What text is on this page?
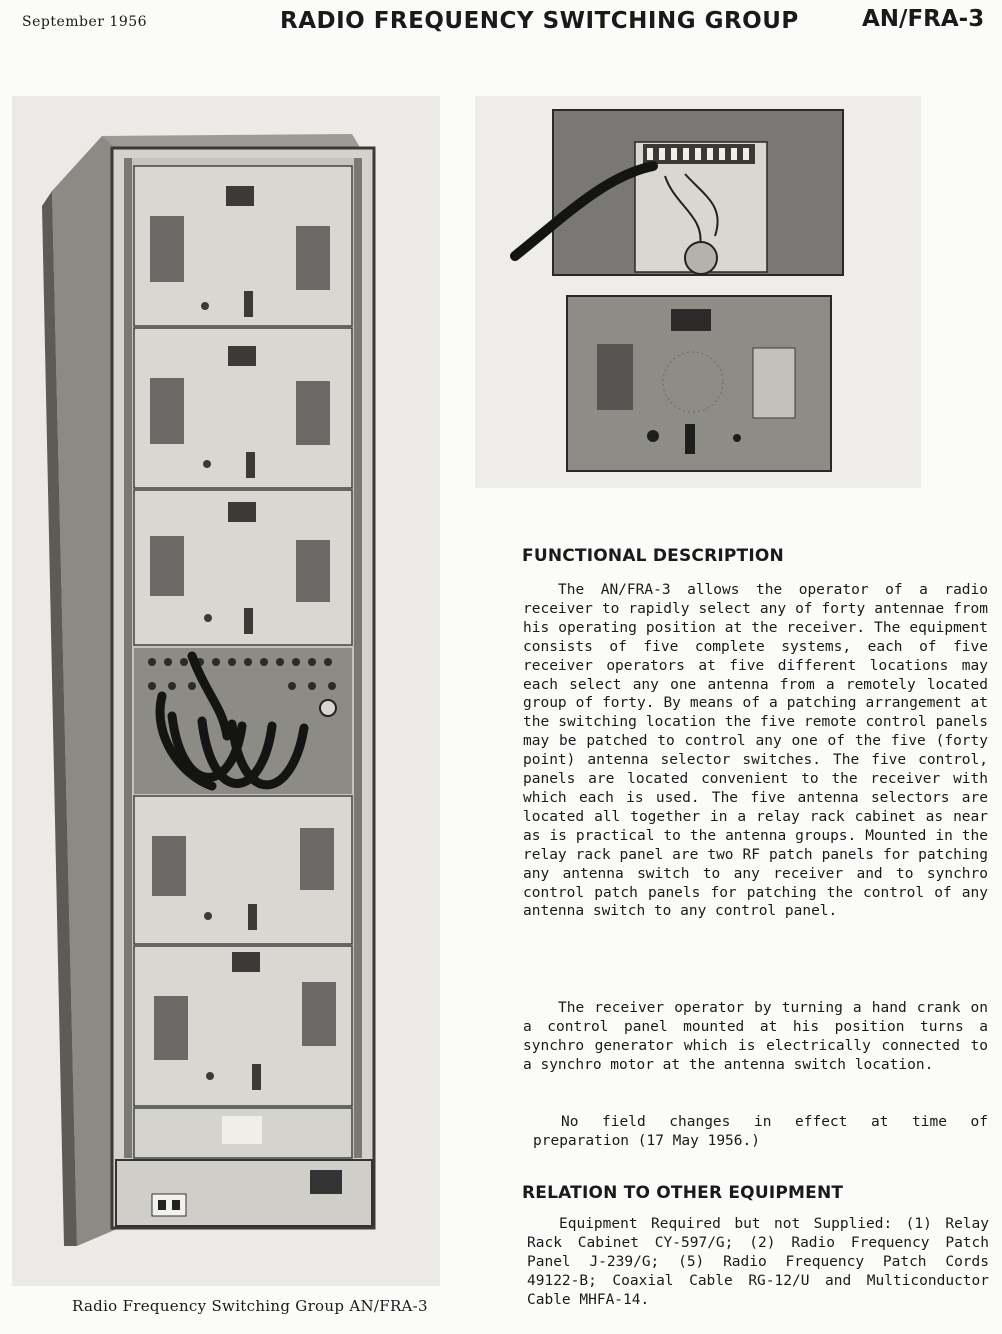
September 1956	RADIO FREQUENCY SWITCHING GROUP	AN/FRA-3
Radio Frequency Switching Group AN/FRA-3
FUNCTIONAL DESCRIPTION

The AN/FRA-3 allows the operator of a radio receiver to rapidly select any of forty antennae from his operating position at the receiver. The equipment consists of five complete systems, each of five receiver operators at five different locations may each select any one antenna from a remotely located group of forty. By means of a patching arrangement at the switching location the five remote control panels may be patched to control any one of the five (forty point) antenna selector switches. The five control, panels are located convenient to the receiver with which each is used. The five antenna selectors are located all together in a relay rack cabinet as near as is practical to the antenna groups. Mounted in the relay rack panel are two RF patch panels for patching any antenna switch to any receiver and to synchro control patch panels for patching the control of any antenna switch to any control panel.

The receiver operator by turning a hand crank on a control panel mounted at his position turns a synchro generator which is electrically connected to a synchro motor at the antenna switch location.

No field changes in effect at time of preparation (17 May 1956.)

RELATION TO OTHER EQUIPMENT

Equipment Required but not Supplied: (1) Relay Rack Cabinet CY-597/G; (2) Radio Frequency Patch Panel J-239/G; (5) Radio Frequency Patch Cords 49122-B; Coaxial Cable RG-12/U and Multiconductor Cable MHFA-14.
